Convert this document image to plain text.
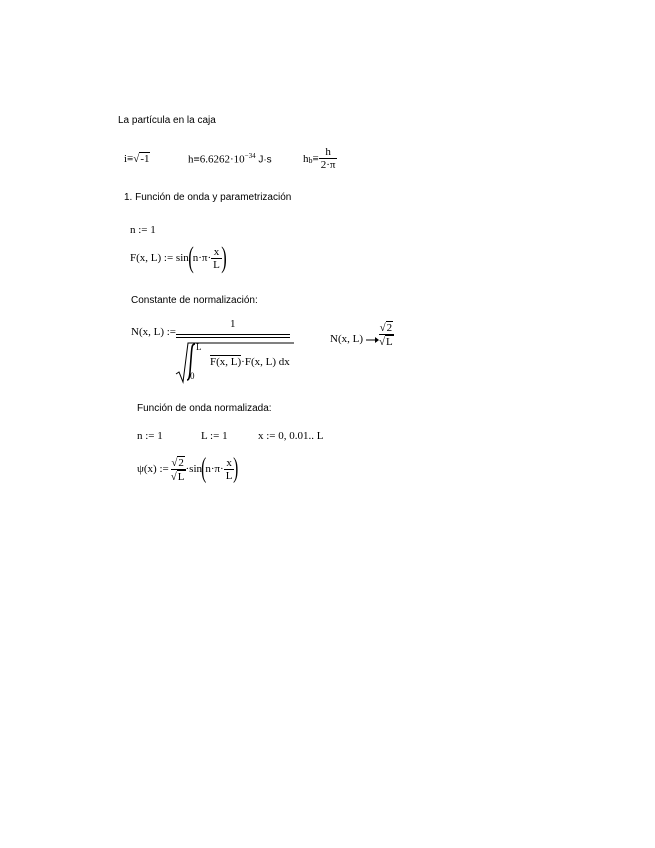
La partícula en la caja
i≡√-1	$h\equiv 6.6262\cdot 10^{-34}$ J·s	$h_b \equiv \frac{h}{2\cdot\pi}$
1. Función de onda y parametrización
n := 1
F(x, L) := sin ( $n\cdot\pi\cdot \frac{x}{L}$ )
Constante de normalización:
N(x, L) :=
1
L
0
F(x, L)·F(x, L) dx
N(x, L)
√2
√L
Función de onda normalizada:
n := 1	L := 1	x := 0, 0.01.. L
ψ(x) :=
√2
√L
·sin ( $n\cdot\pi\cdot \frac{x}{L}$ )
